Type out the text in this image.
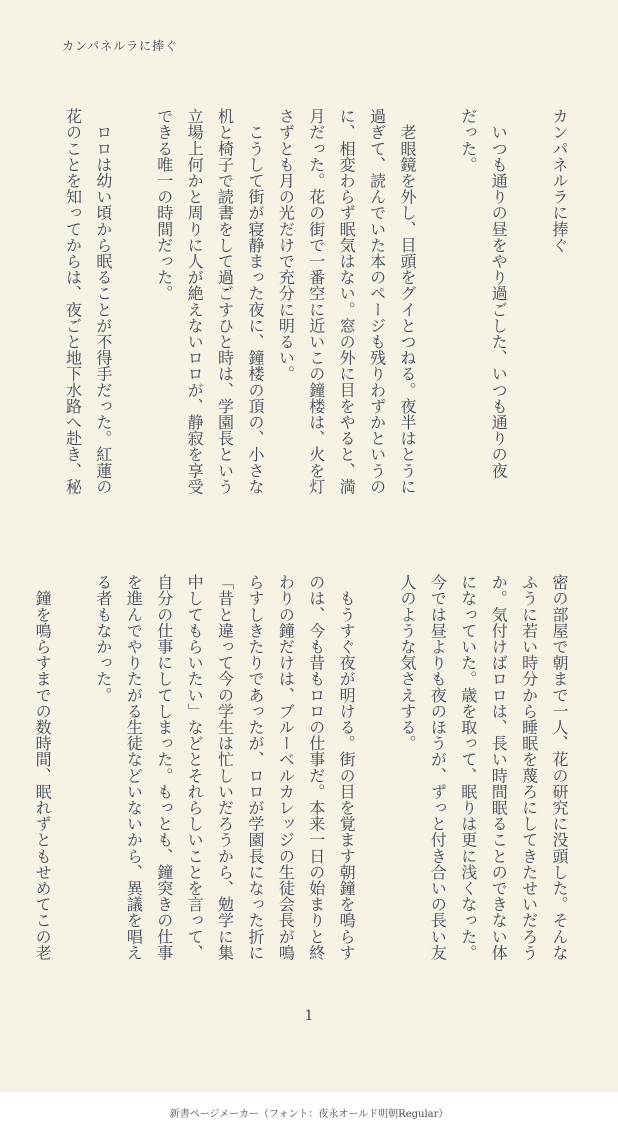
カンパネルラに捧ぐ
カンパネルラに捧ぐ

　いつも通りの昼をやり過ごした、いつも通りの夜
だった。

　老眼鏡を外し、目頭をグイとつねる。夜半はとうに
過ぎて、読んでいた本のページも残りわずかというの
に、相変わらず眠気はない。窓の外に目をやると、満
月だった。花の街で一番空に近いこの鐘楼は、火を灯
さずとも月の光だけで充分に明るい。
　こうして街が寝静まった夜に、鐘楼の頂の、小さな
机と椅子で読書をして過ごすひと時は、学園長という
立場上何かと周りに人が絶えないロロが、静寂を享受
できる唯一の時間だった。

　ロロは幼い頃から眠ることが不得手だった。紅蓮の
花のことを知ってからは、夜ごと地下水路へ赴き、秘
密の部屋で朝まで一人、花の研究に没頭した。そんな
ふうに若い時分から睡眠を蔑ろにしてきたせいだろう
か。気付けばロロは、長い時間眠ることのできない体
になっていた。歳を取って、眠りは更に浅くなった。
今では昼よりも夜のほうが、ずっと付き合いの長い友
人のような気さえする。

　もうすぐ夜が明ける。街の目を覚ます朝鐘を鳴らす
のは、今も昔もロロの仕事だ。本来一日の始まりと終
わりの鐘だけは、ブルーベルカレッジの生徒会長が鳴
らすしきたりであったが、ロロが学園長になった折に
「昔と違って今の学生は忙しいだろうから、勉学に集
中してもらいたい」などとそれらしいことを言って、
自分の仕事にしてしまった。もっとも、鐘突きの仕事
を進んでやりたがる生徒などいないから、異議を唱え
る者もなかった。

　鐘を鳴らすまでの数時間、眠れずともせめてこの老
1
新書ページメーカー（フォント：夜永オールド明朝Regular）
